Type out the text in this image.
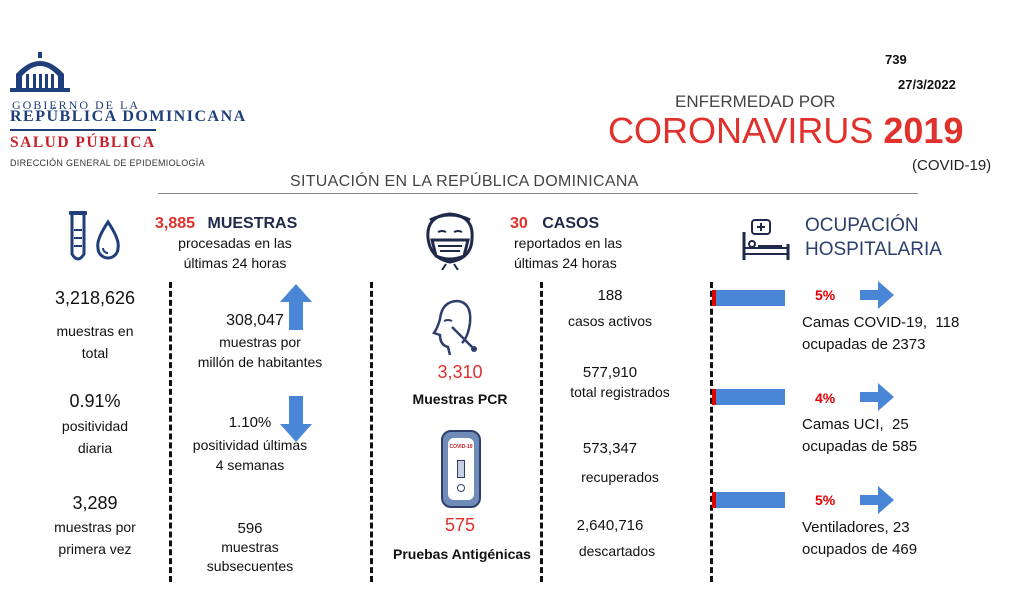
GOBIERNO DE LA
REPÚBLICA DOMINICANA
SALUD PÚBLICA
DIRECCIÓN GENERAL DE EPIDEMIOLOGÍA
739
27/3/2022
ENFERMEDAD POR
CORONAVIRUS 2019
(COVID-19)
SITUACIÓN EN LA REPÚBLICA DOMINICANA
3,885 MUESTRAS
procesadas en las
últimas 24 horas
3,218,626
muestras en
total
0.91%
positividad
diaria
3,289
muestras por
primera vez
308,047
muestras por
millón de habitantes
1.10%
positividad últimas
4 semanas
596
muestras
subsecuentes
3,310
Muestras PCR
COVID-19
575
Pruebas Antigénicas
30 CASOS
reportados en las
últimas 24 horas
188
casos activos
577,910
total registrados
573,347
recuperados
2,640,716
descartados
OCUPACIÓN
HOSPITALARIA
5%
Camas COVID-19,  118
ocupadas de 2373
4%
Camas UCI,  25
ocupadas de 585
5%
Ventiladores, 23
ocupados de 469
